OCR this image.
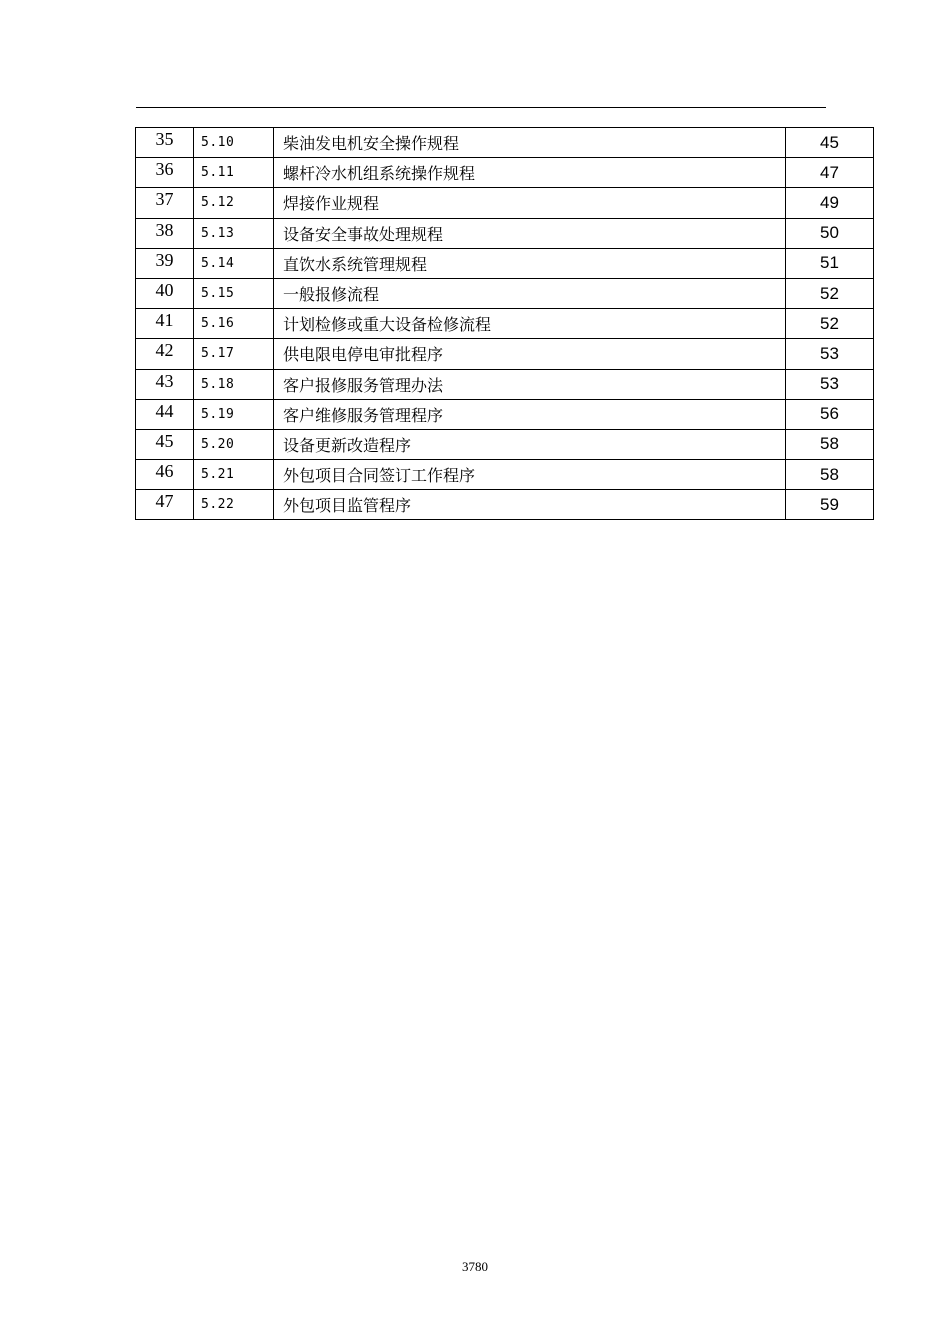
35	5.10	柴油发电机安全操作规程	45
36	5.11	螺杆冷水机组系统操作规程	47
37	5.12	焊接作业规程	49
38	5.13	设备安全事故处理规程	50
39	5.14	直饮水系统管理规程	51
40	5.15	一般报修流程	52
41	5.16	计划检修或重大设备检修流程	52
42	5.17	供电限电停电审批程序	53
43	5.18	客户报修服务管理办法	53
44	5.19	客户维修服务管理程序	56
45	5.20	设备更新改造程序	58
46	5.21	外包项目合同签订工作程序	58
47	5.22	外包项目监管程序	59
3780
